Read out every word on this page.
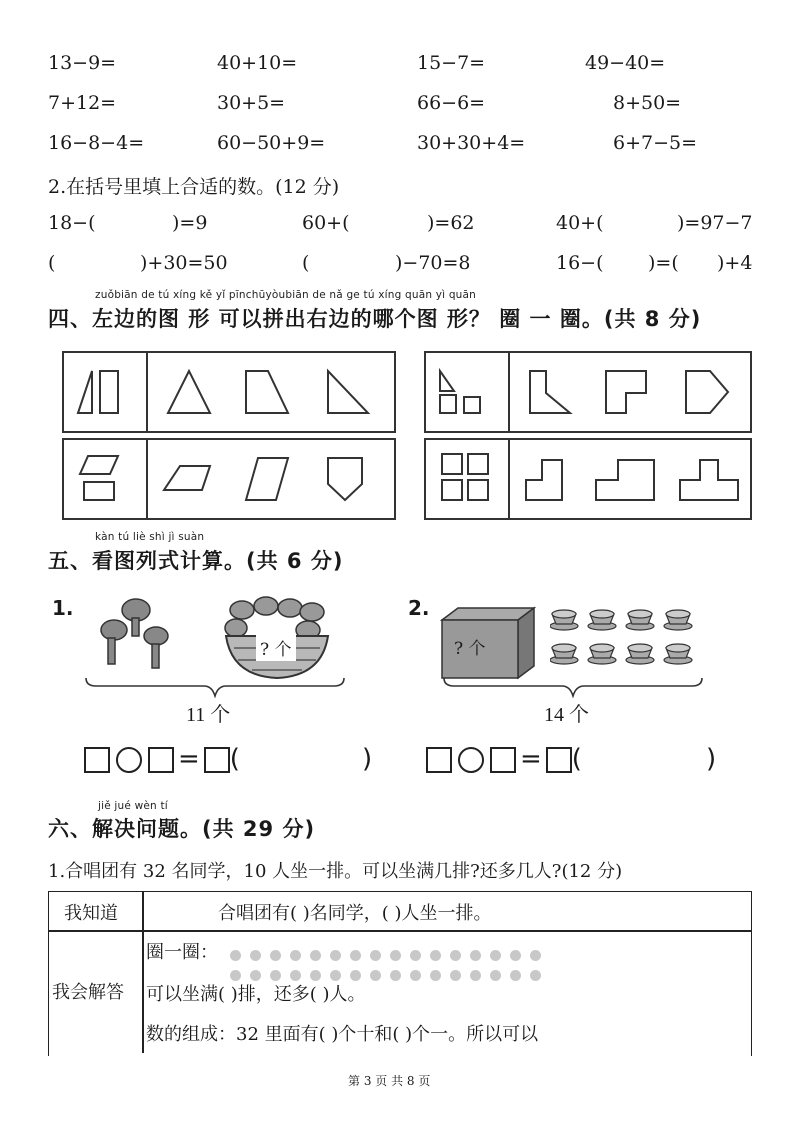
13−9=	40+10=	15−7=	49−40=
7+12=	30+5=	66−6=	8+50=
16−8−4=	60−50+9=	30+30+4=	6+7−5=
2.在括号里填上合适的数。(12 分)
18−(	)=9	60+(	)=62	40+(	)=97−7
(	)+30=50	(	)−70=8	16−( )=( )+4
zuǒbiān de tú xíng kě yǐ pīnchūyòubiān de nǎ ge tú xíng quān yì quān
四、左边的图 形 可以拼出右边的哪个图 形？ 圈 一 圈。(共 8 分)
kàn tú liè shì jì suàn
五、看图列式计算。(共 6 分)
1.
? 个
11 个
2.
? 个
14 个
= (	)	= (	)
jiě jué wèn tí
六、解决问题。(共 29 分)
1.合唱团有 32 名同学，10 人坐一排。可以坐满几排?还多几人?(12 分)
我知道	合唱团有( )名同学，( )人坐一排。
我会解答
圈一圈：
可以坐满( )排，还多( )人。
数的组成：32 里面有( )个十和( )个一。所以可以
第 3 页 共 8 页
